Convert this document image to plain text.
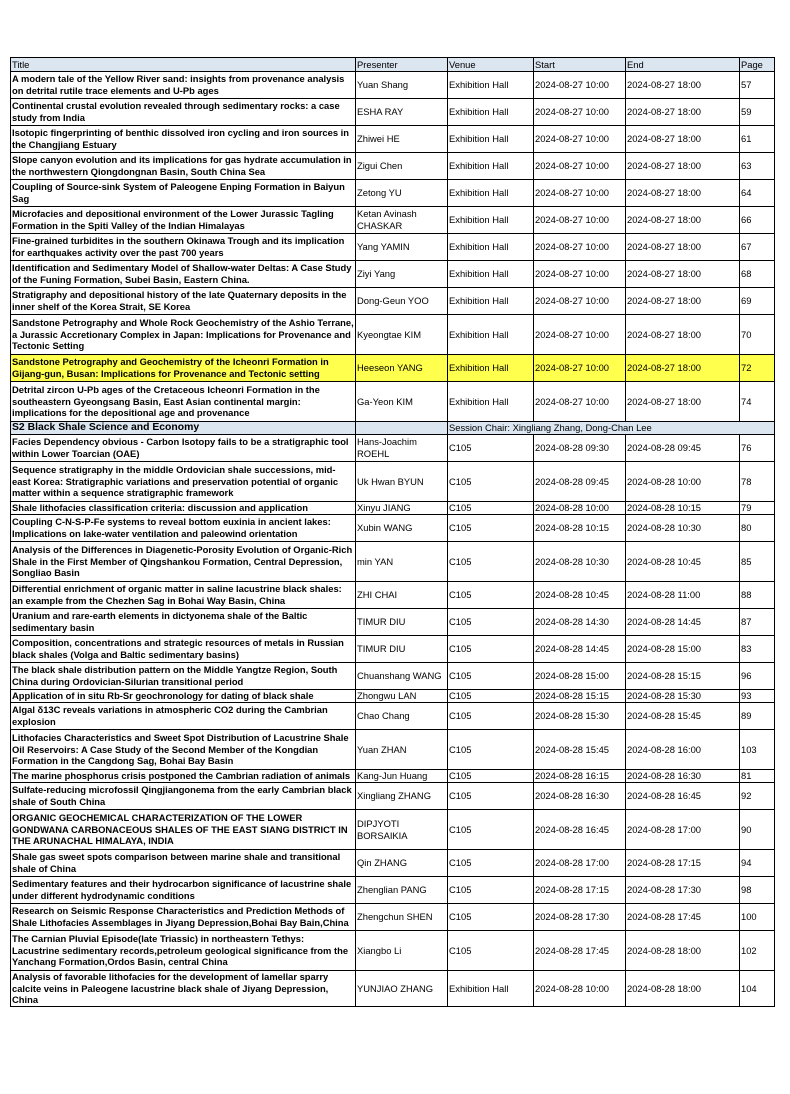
Title	Presenter	Venue	Start	End	Page
A modern tale of the Yellow River sand: insights from provenance analysis on detrital rutile trace elements and U-Pb ages	Yuan Shang	Exhibition Hall	2024-08-27 10:00	2024-08-27 18:00	57
Continental crustal evolution revealed through sedimentary rocks: a case study from India	ESHA RAY	Exhibition Hall	2024-08-27 10:00	2024-08-27 18:00	59
Isotopic fingerprinting of benthic dissolved iron cycling and iron sources in the Changjiang Estuary	Zhiwei HE	Exhibition Hall	2024-08-27 10:00	2024-08-27 18:00	61
Slope canyon evolution and its implications for gas hydrate accumulation in the northwestern Qiongdongnan Basin, South China Sea	Zigui Chen	Exhibition Hall	2024-08-27 10:00	2024-08-27 18:00	63
Coupling of Source-sink System of Paleogene Enping Formation in Baiyun Sag	Zetong YU	Exhibition Hall	2024-08-27 10:00	2024-08-27 18:00	64
Microfacies and depositional environment of the Lower Jurassic Tagling Formation in the Spiti Valley of the Indian Himalayas	Ketan Avinash CHASKAR	Exhibition Hall	2024-08-27 10:00	2024-08-27 18:00	66
Fine-grained turbidites in the southern Okinawa Trough and its implication for earthquakes activity over the past 700 years	Yang YAMIN	Exhibition Hall	2024-08-27 10:00	2024-08-27 18:00	67
Identification and Sedimentary Model of Shallow-water Deltas: A Case Study of the Funing Formation, Subei Basin, Eastern China.	Ziyi Yang	Exhibition Hall	2024-08-27 10:00	2024-08-27 18:00	68
Stratigraphy and depositional history of the late Quaternary deposits in the inner shelf of the Korea Strait, SE Korea	Dong-Geun YOO	Exhibition Hall	2024-08-27 10:00	2024-08-27 18:00	69
Sandstone Petrography and Whole Rock Geochemistry of the Ashio Terrane, a Jurassic Accretionary Complex in Japan: Implications for Provenance and Tectonic Setting	Kyeongtae KIM	Exhibition Hall	2024-08-27 10:00	2024-08-27 18:00	70
Sandstone Petrography and Geochemistry of the Icheonri Formation in Gijang-gun, Busan: Implications for Provenance and Tectonic setting	Heeseon YANG	Exhibition Hall	2024-08-27 10:00	2024-08-27 18:00	72
Detrital zircon U-Pb ages of the Cretaceous Icheonri Formation in the southeastern Gyeongsang Basin, East Asian continental margin: implications for the depositional age and provenance	Ga-Yeon KIM	Exhibition Hall	2024-08-27 10:00	2024-08-27 18:00	74
S2 Black Shale Science and Economy		Session Chair: Xingliang Zhang, Dong-Chan Lee			
Facies Dependency obvious - Carbon Isotopy fails to be a stratigraphic tool within Lower Toarcian (OAE)	Hans-Joachim ROEHL	C105	2024-08-28 09:30	2024-08-28 09:45	76
Sequence stratigraphy in the middle Ordovician shale successions, mid-east Korea: Stratigraphic variations and preservation potential of organic matter within a sequence stratigraphic framework	Uk Hwan BYUN	C105	2024-08-28 09:45	2024-08-28 10:00	78
Shale lithofacies classification criteria: discussion and application	Xinyu JIANG	C105	2024-08-28 10:00	2024-08-28 10:15	79
Coupling C-N-S-P-Fe systems to reveal bottom euxinia in ancient lakes: Implications on lake-water ventilation and paleowind orientation	Xubin WANG	C105	2024-08-28 10:15	2024-08-28 10:30	80
Analysis of the Differences in Diagenetic-Porosity Evolution of Organic-Rich Shale in the First Member of Qingshankou Formation, Central Depression, Songliao Basin	min YAN	C105	2024-08-28 10:30	2024-08-28 10:45	85
Differential enrichment of organic matter in saline lacustrine black shales: an example from the Chezhen Sag in Bohai Way Basin, China	ZHI CHAI	C105	2024-08-28 10:45	2024-08-28 11:00	88
Uranium and rare-earth elements in dictyonema shale of the Baltic sedimentary basin	TIMUR DIU	C105	2024-08-28 14:30	2024-08-28 14:45	87
Composition, concentrations and strategic resources of metals in Russian black shales (Volga and Baltic sedimentary basins)	TIMUR DIU	C105	2024-08-28 14:45	2024-08-28 15:00	83
The black shale distribution pattern on the Middle Yangtze Region, South China during Ordovician-Silurian transitional period	Chuanshang WANG	C105	2024-08-28 15:00	2024-08-28 15:15	96
Application of in situ Rb-Sr geochronology for dating of black shale	Zhongwu LAN	C105	2024-08-28 15:15	2024-08-28 15:30	93
Algal δ13C reveals variations in atmospheric CO2 during the Cambrian explosion	Chao Chang	C105	2024-08-28 15:30	2024-08-28 15:45	89
Lithofacies Characteristics and Sweet Spot Distribution of Lacustrine Shale Oil Reservoirs: A Case Study of the Second Member of the Kongdian Formation in the Cangdong Sag, Bohai Bay Basin	Yuan ZHAN	C105	2024-08-28 15:45	2024-08-28 16:00	103
The marine phosphorus crisis postponed the Cambrian radiation of animals	Kang-Jun Huang	C105	2024-08-28 16:15	2024-08-28 16:30	81
Sulfate-reducing microfossil Qingjiangonema from the early Cambrian black shale of South China	Xingliang ZHANG	C105	2024-08-28 16:30	2024-08-28 16:45	92
ORGANIC GEOCHEMICAL CHARACTERIZATION OF THE LOWER GONDWANA CARBONACEOUS SHALES OF THE EAST SIANG DISTRICT IN THE ARUNACHAL HIMALAYA, INDIA	DIPJYOTI BORSAIKIA	C105	2024-08-28 16:45	2024-08-28 17:00	90
Shale gas sweet spots comparison between marine shale and transitional shale of China	Qin ZHANG	C105	2024-08-28 17:00	2024-08-28 17:15	94
Sedimentary features and their hydrocarbon significance of lacustrine shale under different hydrodynamic conditions	Zhenglian PANG	C105	2024-08-28 17:15	2024-08-28 17:30	98
Research on Seismic Response Characteristics and Prediction Methods of Shale Lithofacies Assemblages in Jiyang Depression,Bohai Bay Bain,China	Zhengchun SHEN	C105	2024-08-28 17:30	2024-08-28 17:45	100
The Carnian Pluvial Episode(late Triassic) in northeastern Tethys: Lacustrine sedimentary records,petroleum geological significance from the Yanchang Formation,Ordos Basin, central China	Xiangbo Li	C105	2024-08-28 17:45	2024-08-28 18:00	102
Analysis of favorable lithofacies for the development of lamellar sparry calcite veins in Paleogene lacustrine black shale of Jiyang Depression, China	YUNJIAO ZHANG	Exhibition Hall	2024-08-28 10:00	2024-08-28 18:00	104
